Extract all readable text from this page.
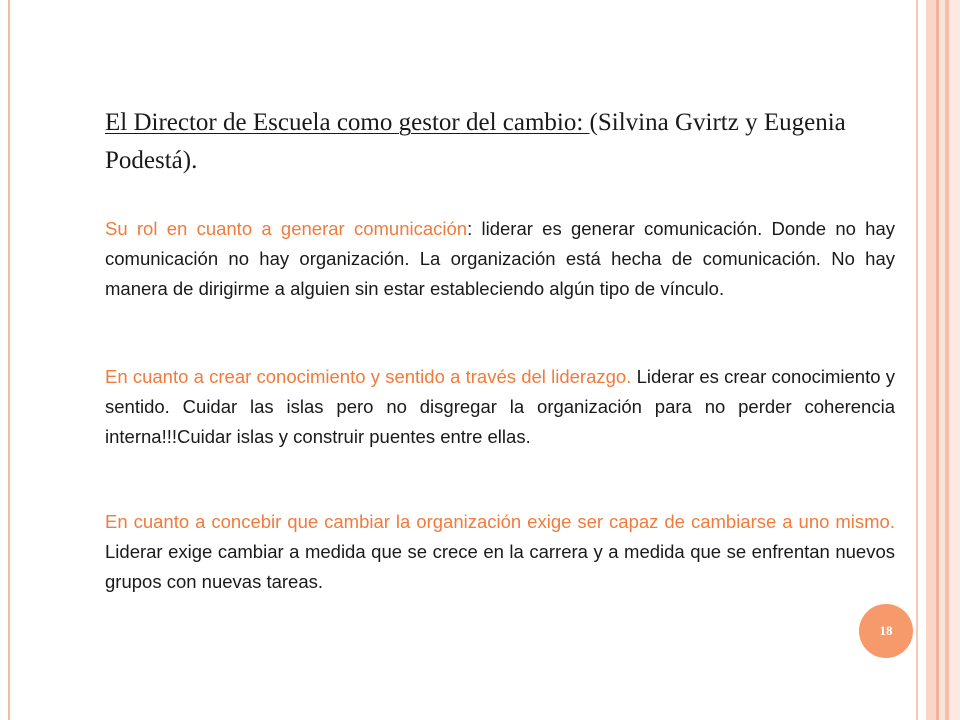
El Director de Escuela como gestor del cambio: (Silvina Gvirtz y Eugenia Podestá).

Su rol en cuanto a generar comunicación: liderar es generar comunicación. Donde no hay comunicación no hay organización. La organización está hecha de comunicación. No hay manera de dirigirme a alguien sin estar estableciendo algún tipo de vínculo.

En cuanto a crear conocimiento y sentido a través del liderazgo. Liderar es crear conocimiento y sentido. Cuidar las islas pero no disgregar la organización para no perder coherencia interna!!!Cuidar islas y construir puentes entre ellas.

En cuanto a concebir que cambiar la organización exige ser capaz de cambiarse a uno mismo. Liderar exige cambiar a medida que se crece en la carrera y a medida que se enfrentan nuevos grupos con nuevas tareas.

18
